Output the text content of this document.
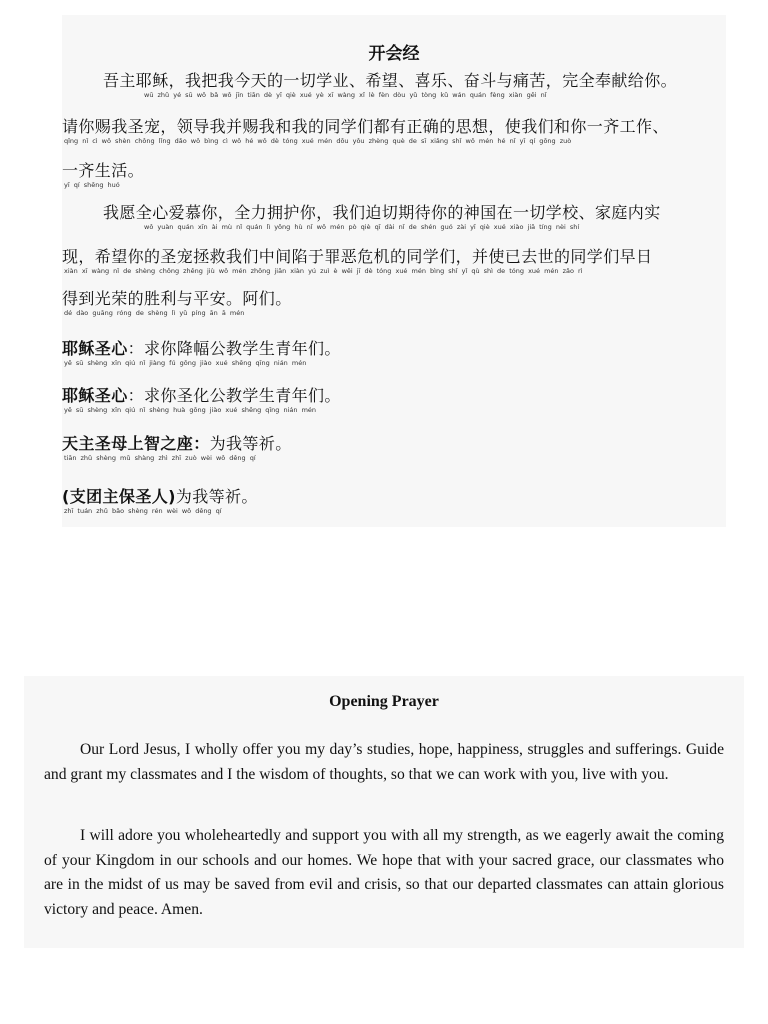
开会经
吾主耶稣，我把我今天的一切学业、希望、喜乐、奋斗与痛苦，完全奉献给你。
wū zhǔ yé sū wǒ bǎ wǒ jīn tiān dè yī qiè xué yè xī wàng xǐ lè fèn dòu yǔ tòng kǔ wán quán fèng xiàn gěi nǐ
请你赐我圣宠，领导我并赐我和我的同学们都有正确的思想，使我们和你一齐工作、
qǐng nǐ cì wǒ shèn chǒng lǐng dǎo wǒ bìng cì wǒ hé wǒ dè tóng xué mén dōu yǒu zhèng què de sī xiǎng shǐ wǒ mén hé nǐ yī qí gōng zuò
一齐生活。
yī qí shēng huó
我愿全心爱慕你，全力拥护你，我们迫切期待你的神国在一切学校、家庭内实
wǒ yuàn quán xīn ài mù nǐ quán lì yōng hù nǐ wǒ mén pò qiè qī dài nǐ de shén guó zài yī qiè xué xiào jiā tíng nèi shí
现，希望你的圣宠拯救我们中间陷于罪恶危机的同学们，并使已去世的同学们早日
xiàn xī wàng nǐ de shèng chǒng zhěng jiù wǒ mén zhōng jiān xiàn yú zuì è wēi jī dè tóng xué mén bìng shǐ yǐ qù shì de tóng xué mén zǎo rì
得到光荣的胜利与平安。阿们。
dé dào guāng róng de shèng lì yǔ píng ān ā mén
耶稣圣心：求你降幅公教学生青年们。
yē sū shèng xīn qiú nǐ jiàng fú gōng jiào xué shēng qīng nián mén
耶稣圣心：求你圣化公教学生青年们。
yē sū shèng xīn qiú nǐ shèng huà gōng jiào xué shēng qīng nián mén
天主圣母上智之座：为我等祈。
tiān zhǔ shèng mǔ shàng zhì zhī zuò wèi wǒ děng qí
(支团主保圣人)为我等祈。
zhī tuán zhǔ bǎo shèng rén wèi wǒ děng qí
Opening Prayer

Our Lord Jesus, I wholly offer you my day’s studies, hope, happiness, struggles and sufferings. Guide and grant my classmates and I the wisdom of thoughts, so that we can work with you, live with you.

I will adore you wholeheartedly and support you with all my strength, as we eagerly await the coming of your Kingdom in our schools and our homes. We hope that with your sacred grace, our classmates who are in the midst of us may be saved from evil and crisis, so that our departed classmates can attain glorious victory and peace. Amen.
